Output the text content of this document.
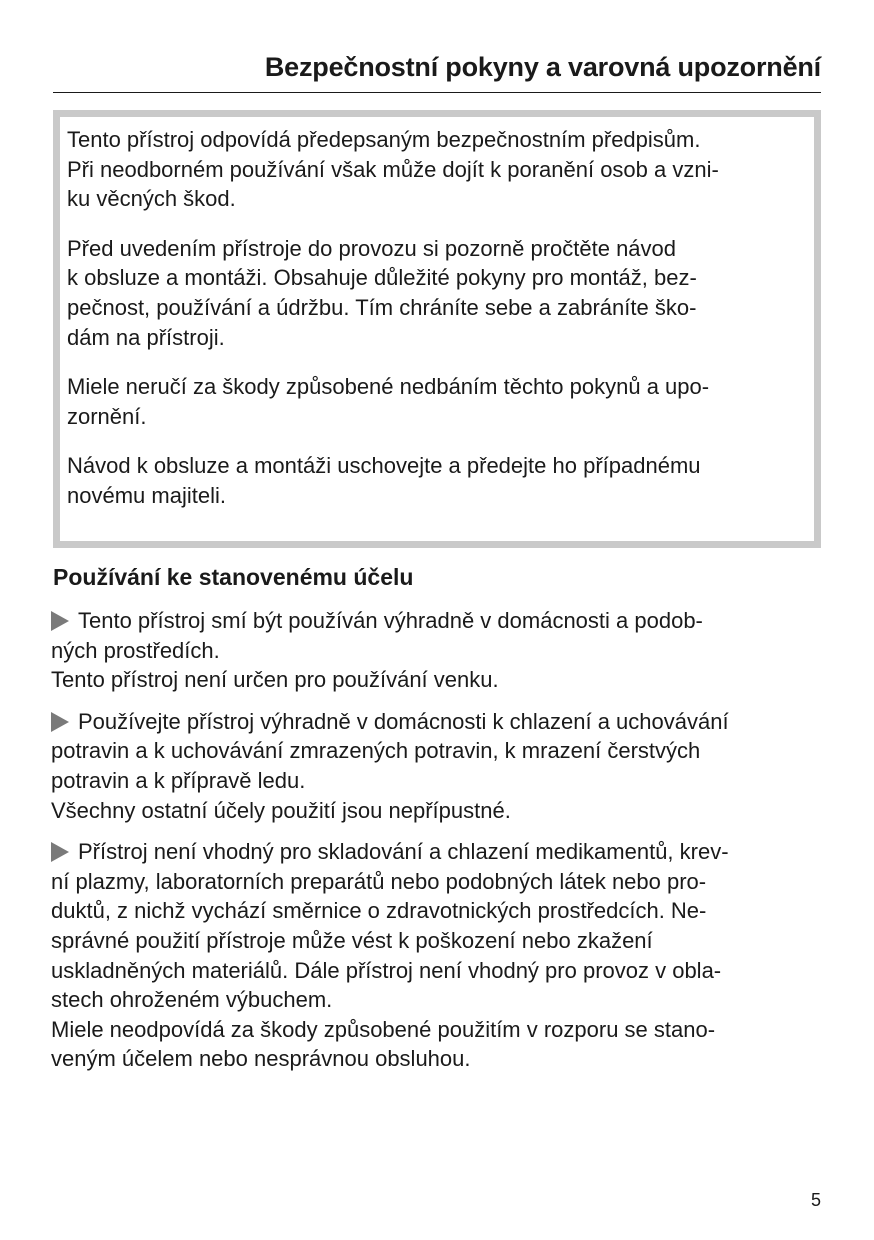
Bezpečnostní pokyny a varovná upozornění
Tento přístroj odpovídá předepsaným bezpečnostním předpisům.
Při neodborném používání však může dojít k poranění osob a vzni-
ku věcných škod.
Před uvedením přístroje do provozu si pozorně pročtěte návod
k obsluze a montáži. Obsahuje důležité pokyny pro montáž, bez-
pečnost, používání a údržbu. Tím chráníte sebe a zabráníte ško-
dám na přístroji.
Miele neručí za škody způsobené nedbáním těchto pokynů a upo-
zornění.
Návod k obsluze a montáži uschovejte a předejte ho případnému
novému majiteli.
Používání ke stanovenému účelu
Tento přístroj smí být používán výhradně v domácnosti a podob-
ných prostředích.
Tento přístroj není určen pro používání venku.
Používejte přístroj výhradně v domácnosti k chlazení a uchovávání
potravin a k uchovávání zmrazených potravin, k mrazení čerstvých
potravin a k přípravě ledu.
Všechny ostatní účely použití jsou nepřípustné.
Přístroj není vhodný pro skladování a chlazení medikamentů, krev-
ní plazmy, laboratorních preparátů nebo podobných látek nebo pro-
duktů, z nichž vychází směrnice o zdravotnických prostředcích. Ne-
správné použití přístroje může vést k poškození nebo zkažení
uskladněných materiálů. Dále přístroj není vhodný pro provoz v obla-
stech ohroženém výbuchem.
Miele neodpovídá za škody způsobené použitím v rozporu se stano-
veným účelem nebo nesprávnou obsluhou.
5
